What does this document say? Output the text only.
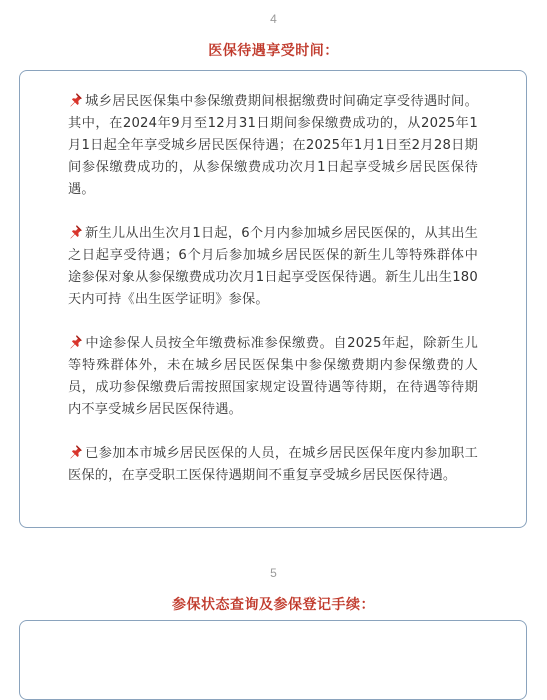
4
医保待遇享受时间：

城乡居民医保集中参保缴费期间根据缴费时间确定享受待遇时间。其中，在2024年9月至12月31日期间参保缴费成功的，从2025年1月1日起全年享受城乡居民医保待遇；在2025年1月1日至2月28日期间参保缴费成功的，从参保缴费成功次月1日起享受城乡居民医保待遇。

新生儿从出生次月1日起，6个月内参加城乡居民医保的，从其出生之日起享受待遇；6个月后参加城乡居民医保的新生儿等特殊群体中途参保对象从参保缴费成功次月1日起享受医保待遇。新生儿出生180天内可持《出生医学证明》参保。

中途参保人员按全年缴费标准参保缴费。自2025年起，除新生儿等特殊群体外，未在城乡居民医保集中参保缴费期内参保缴费的人员，成功参保缴费后需按照国家规定设置待遇等待期，在待遇等待期内不享受城乡居民医保待遇。

已参加本市城乡居民医保的人员，在城乡居民医保年度内参加职工医保的，在享受职工医保待遇期间不重复享受城乡居民医保待遇。

5
参保状态查询及参保登记手续：
